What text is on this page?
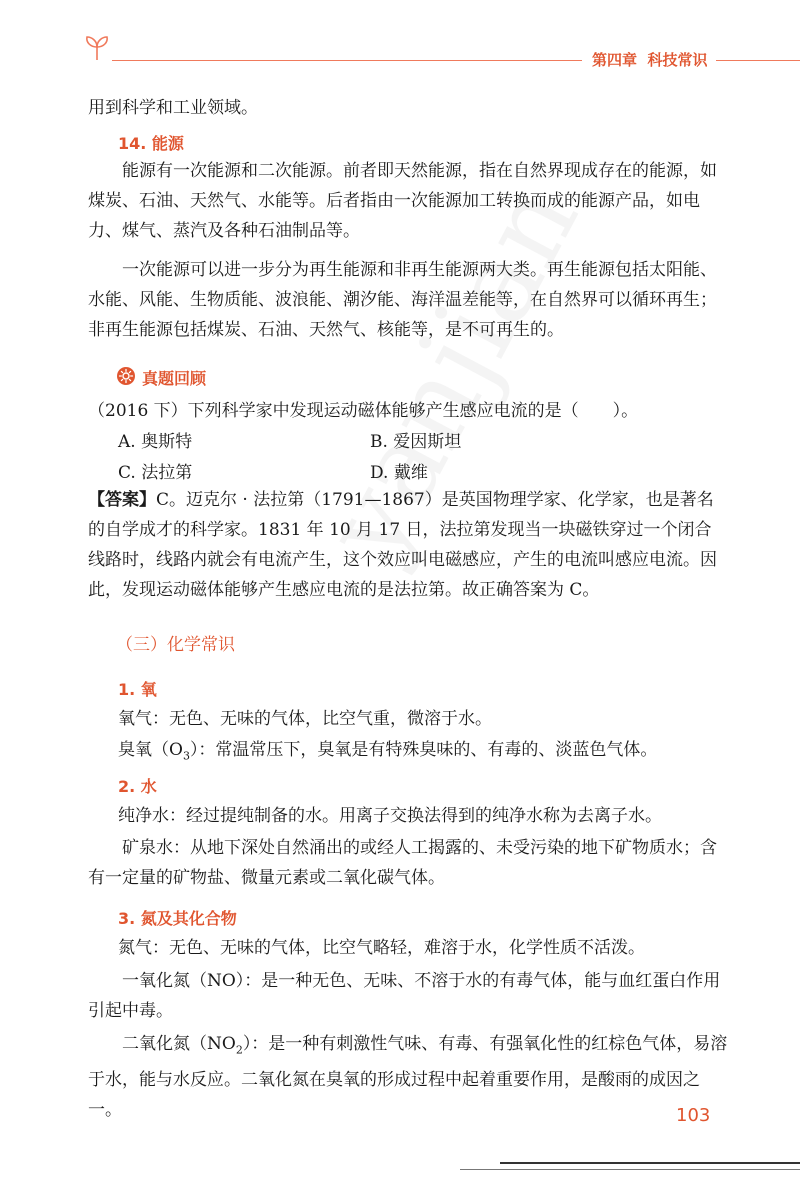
第四章 科技常识
用到科学和工业领域。
14. 能源

能源有一次能源和二次能源。前者即天然能源，指在自然界现成存在的能源，如煤炭、石油、天然气、水能等。后者指由一次能源加工转换而成的能源产品，如电力、煤气、蒸汽及各种石油制品等。

一次能源可以进一步分为再生能源和非再生能源两大类。再生能源包括太阳能、水能、风能、生物质能、波浪能、潮汐能、海洋温差能等，在自然界可以循环再生；非再生能源包括煤炭、石油、天然气、核能等，是不可再生的。

真题回顾
（2016 下）下列科学家中发现运动磁体能够产生感应电流的是（　　）。
A. 奥斯特	B. 爱因斯坦
C. 法拉第	D. 戴维

【答案】C。迈克尔 · 法拉第（1791—1867）是英国物理学家、化学家，也是著名的自学成才的科学家。1831 年 10 月 17 日，法拉第发现当一块磁铁穿过一个闭合线路时，线路内就会有电流产生，这个效应叫电磁感应，产生的电流叫感应电流。因此，发现运动磁体能够产生感应电流的是法拉第。故正确答案为 C。

（三）化学常识
1. 氧
氧气：无色、无味的气体，比空气重，微溶于水。
臭氧$(O_3)$：常温常压下，臭氧是有特殊臭味的、有毒的、淡蓝色气体。
2. 水
纯净水：经过提纯制备的水。用离子交换法得到的纯净水称为去离子水。

矿泉水：从地下深处自然涌出的或经人工揭露的、未受污染的地下矿物质水；含有一定量的矿物盐、微量元素或二氧化碳气体。

3. 氮及其化合物
氮气：无色、无味的气体，比空气略轻，难溶于水，化学性质不活泼。

一氧化氮（NO）：是一种无色、无味、不溶于水的有毒气体，能与血红蛋白作用引起中毒。

二氧化氮$(NO_2)$：是一种有刺激性气味、有毒、有强氧化性的红棕色气体，易溶于水，能与水反应。二氧化氮在臭氧的形成过程中起着重要作用，是酸雨的成因之一。	103
